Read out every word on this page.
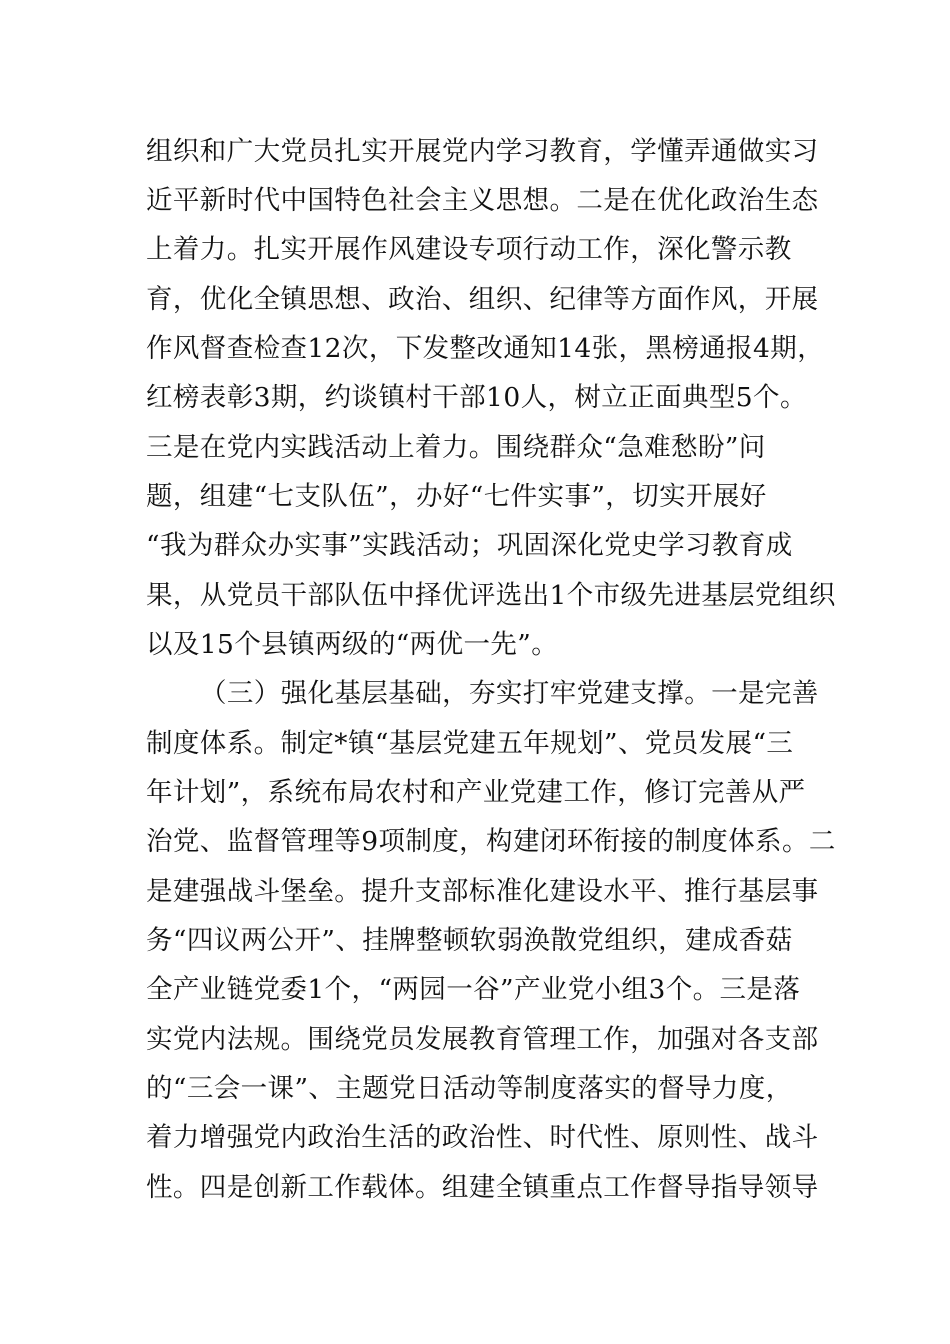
组织和广大党员扎实开展党内学习教育，学懂弄通做实习
近平新时代中国特色社会主义思想。二是在优化政治生态
上着力。扎实开展作风建设专项行动工作，深化警示教
育，优化全镇思想、政治、组织、纪律等方面作风，开展
作风督查检查12次，下发整改通知14张，黑榜通报4期，
红榜表彰3期，约谈镇村干部10人，树立正面典型5个。
三是在党内实践活动上着力。围绕群众“急难愁盼”问
题，组建“七支队伍”，办好“七件实事”，切实开展好
“我为群众办实事”实践活动；巩固深化党史学习教育成
果，从党员干部队伍中择优评选出1个市级先进基层党组织
以及15个县镇两级的“两优一先”。
（三）强化基层基础，夯实打牢党建支撑。一是完善
制度体系。制定*镇“基层党建五年规划”、党员发展“三
年计划”，系统布局农村和产业党建工作，修订完善从严
治党、监督管理等9项制度，构建闭环衔接的制度体系。二
是建强战斗堡垒。提升支部标准化建设水平、推行基层事
务“四议两公开”、挂牌整顿软弱涣散党组织，建成香菇
全产业链党委1个，“两园一谷”产业党小组3个。三是落
实党内法规。围绕党员发展教育管理工作，加强对各支部
的“三会一课”、主题党日活动等制度落实的督导力度，
着力增强党内政治生活的政治性、时代性、原则性、战斗
性。四是创新工作载体。组建全镇重点工作督导指导领导
